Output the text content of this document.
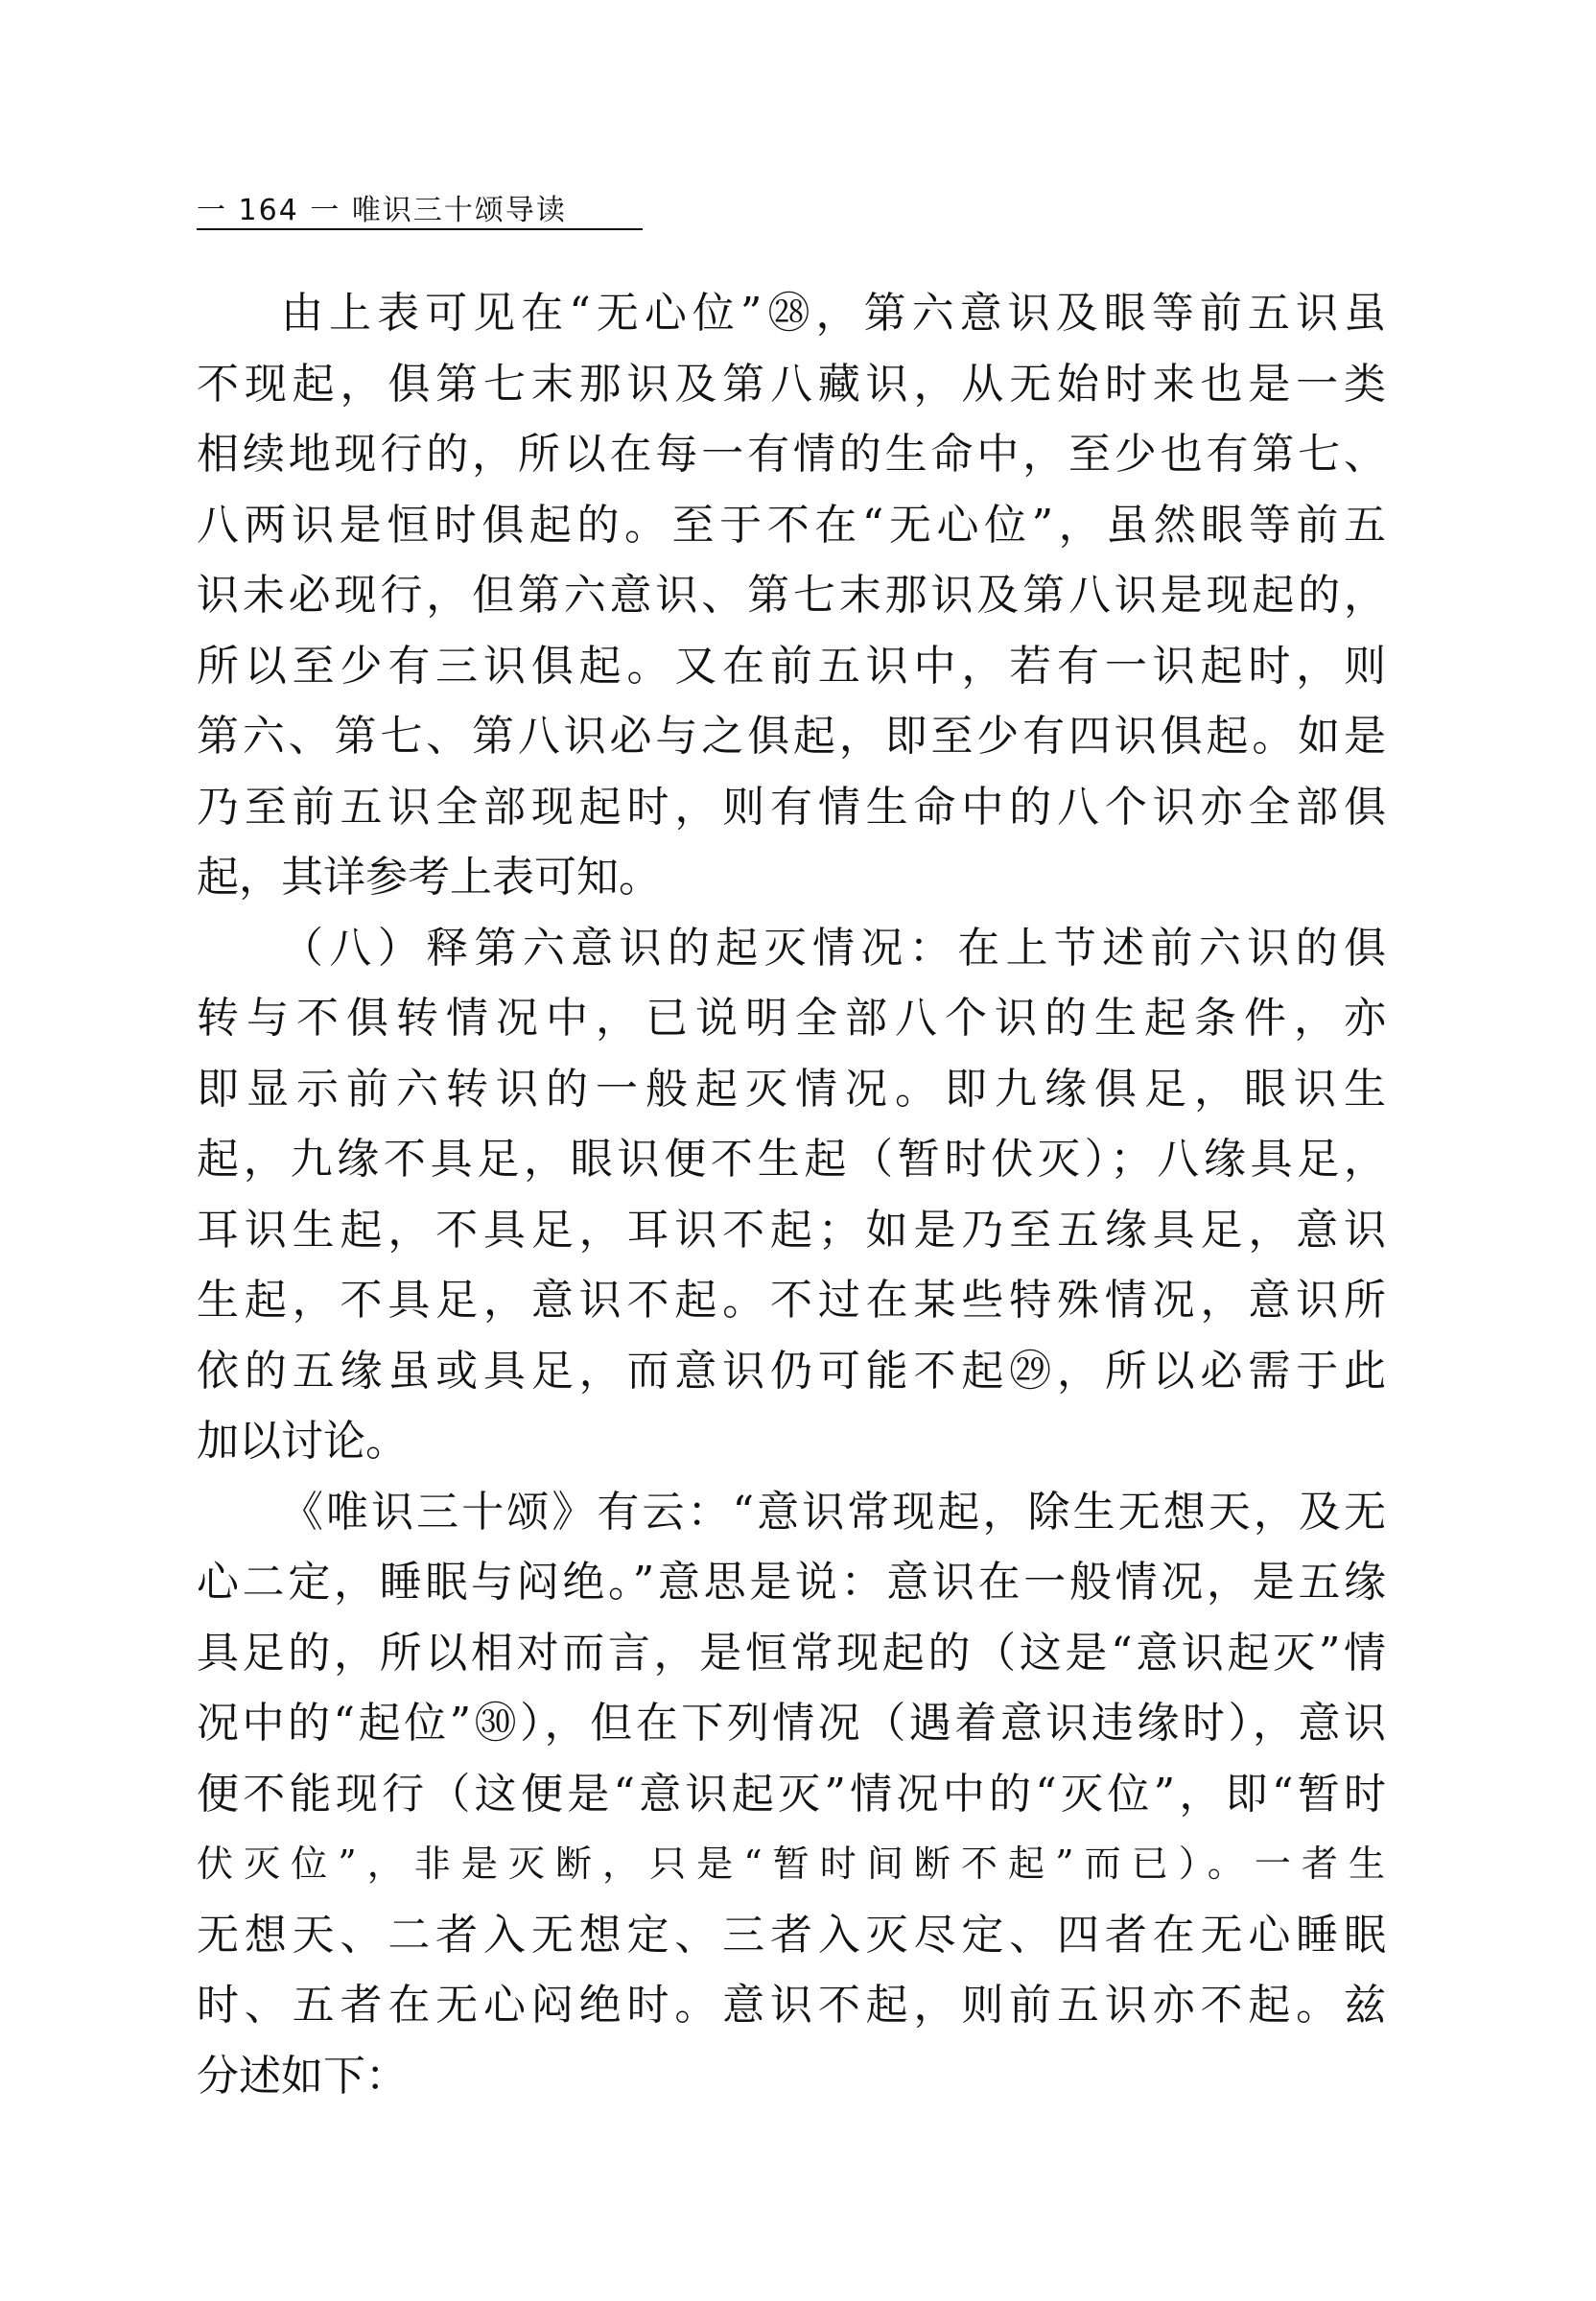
一 164 一 唯识三十颂导读
由上表可见在“无心位”㉘，第六意识及眼等前五识虽
不现起，俱第七末那识及第八藏识，从无始时来也是一类
相续地现行的，所以在每一有情的生命中，至少也有第七、
八两识是恒时俱起的。至于不在“无心位”，虽然眼等前五
识未必现行，但第六意识、第七末那识及第八识是现起的，
所以至少有三识俱起。又在前五识中，若有一识起时，则
第六、第七、第八识必与之俱起，即至少有四识俱起。如是
乃至前五识全部现起时，则有情生命中的八个识亦全部俱
起，其详参考上表可知。
（八）释第六意识的起灭情况：在上节述前六识的俱
转与不俱转情况中，已说明全部八个识的生起条件，亦
即显示前六转识的一般起灭情况。即九缘俱足，眼识生
起，九缘不具足，眼识便不生起（暂时伏灭）；八缘具足，
耳识生起，不具足，耳识不起；如是乃至五缘具足，意识
生起，不具足，意识不起。不过在某些特殊情况，意识所
依的五缘虽或具足，而意识仍可能不起㉙，所以必需于此
加以讨论。
《唯识三十颂》有云：“意识常现起，除生无想天，及无
心二定，睡眠与闷绝。”意思是说：意识在一般情况，是五缘
具足的，所以相对而言，是恒常现起的（这是“意识起灭”情
况中的“起位”㉚），但在下列情况（遇着意识违缘时），意识
便不能现行（这便是“意识起灭”情况中的“灭位”，即“暂时
伏灭位”，非是灭断，只是“暂时间断不起”而已）。一者生
无想天、二者入无想定、三者入灭尽定、四者在无心睡眠
时、五者在无心闷绝时。意识不起，则前五识亦不起。兹
分述如下：
